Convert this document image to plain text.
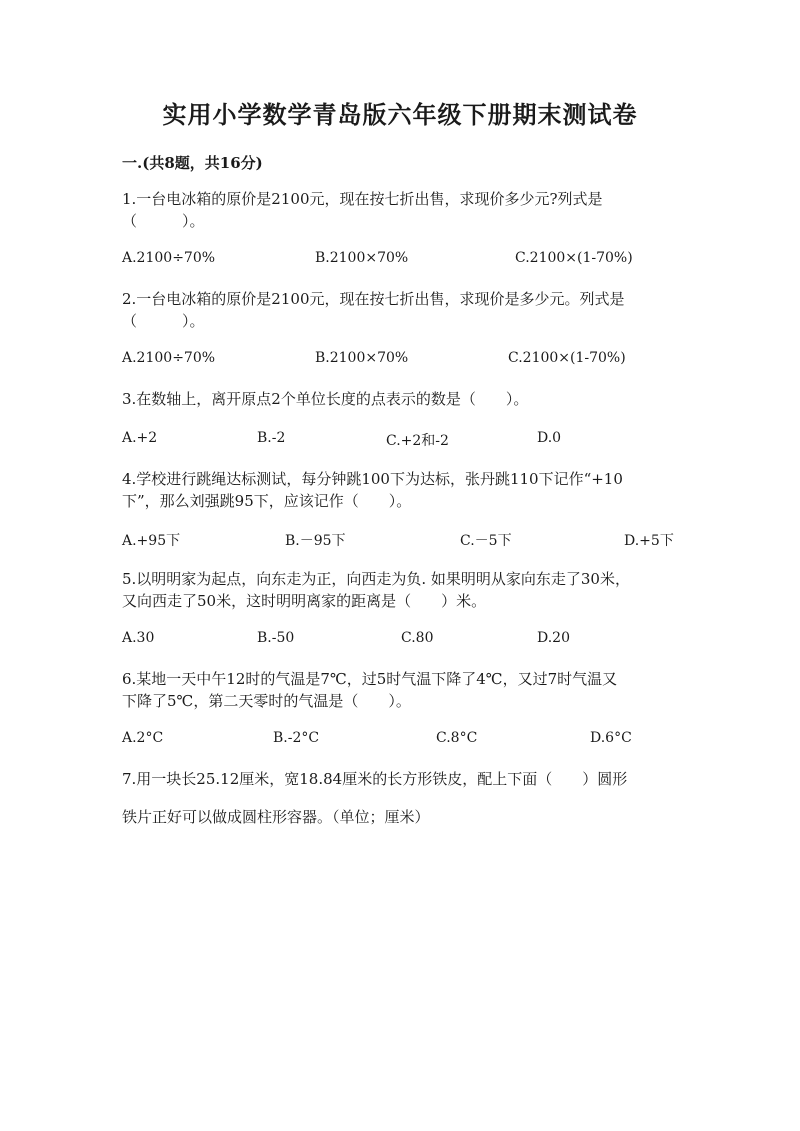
实用小学数学青岛版六年级下册期末测试卷
一.(共8题，共16分)
1.一台电冰箱的原价是2100元，现在按七折出售，求现价多少元?列式是
（　　　）。
A.2100÷70%	B.2100×70%	C.2100×(1-70%)
2.一台电冰箱的原价是2100元，现在按七折出售，求现价是多少元。列式是
（　　　）。
A.2100÷70%	B.2100×70%	C.2100×(1-70%)
3.在数轴上，离开原点2个单位长度的点表示的数是（　　）。
A.+2	B.-2	C.+2和-2	D.0
4.学校进行跳绳达标测试，每分钟跳100下为达标，张丹跳110下记作“+10
下”，那么刘强跳95下，应该记作（　　）。
A.+95下	B.－95下	C.－5下	D.+5下
5.以明明家为起点，向东走为正，向西走为负. 如果明明从家向东走了30米，
又向西走了50米，这时明明离家的距离是（　　）米。
A.30	B.-50	C.80	D.20
6.某地一天中午12时的气温是7℃，过5时气温下降了4℃，又过7时气温又
下降了5℃，第二天零时的气温是（　　）。
A.2°C	B.-2°C	C.8°C	D.6°C
7.用一块长25.12厘米，宽18.84厘米的长方形铁皮，配上下面（　　）圆形
铁片正好可以做成圆柱形容器。（单位；厘米）
